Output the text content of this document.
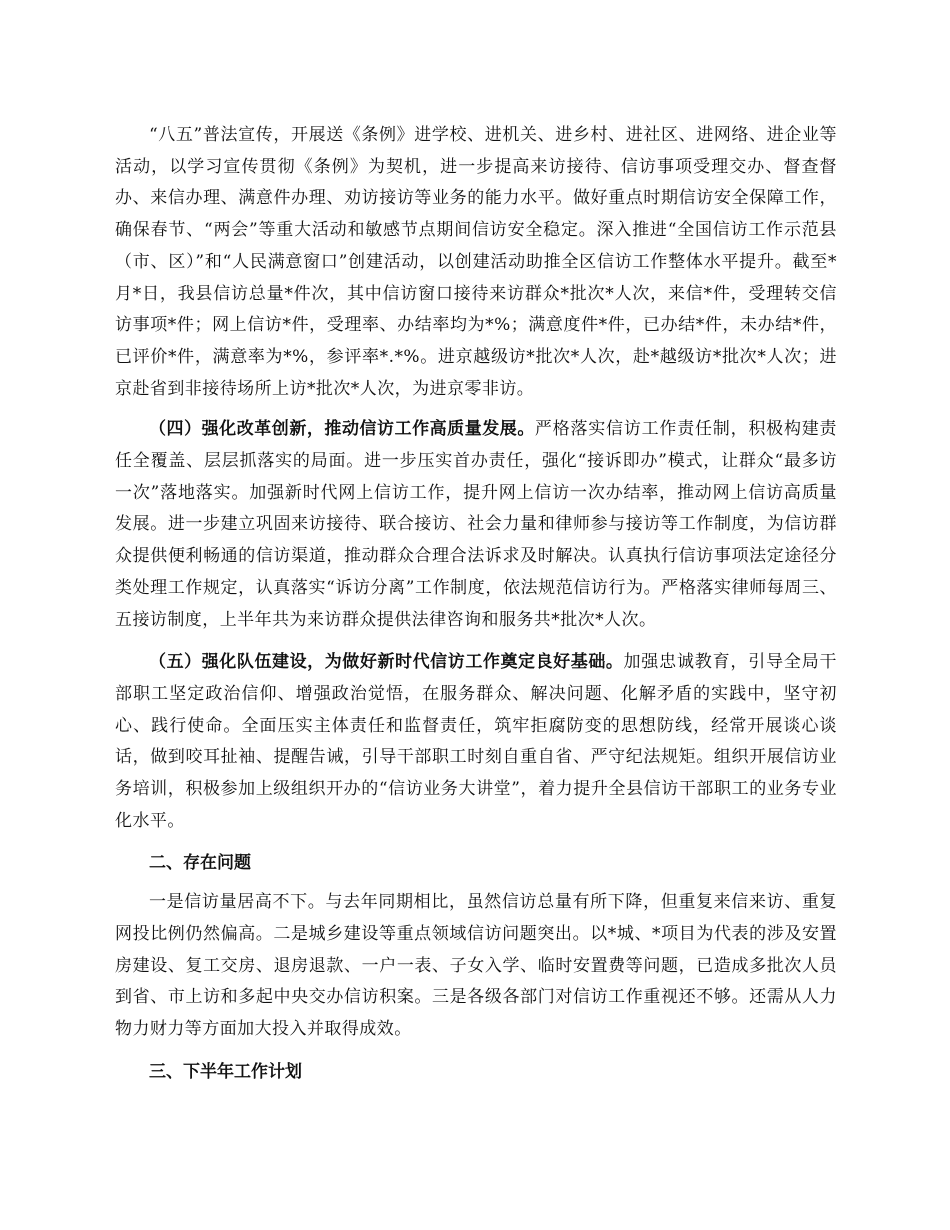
“八五”普法宣传，开展送《条例》进学校、进机关、进乡村、进社区、进网络、进企业等活动，以学习宣传贯彻《条例》为契机，进一步提高来访接待、信访事项受理交办、督查督办、来信办理、满意件办理、劝访接访等业务的能力水平。做好重点时期信访安全保障工作，确保春节、“两会”等重大活动和敏感节点期间信访安全稳定。深入推进“全国信访工作示范县（市、区）”和“人民满意窗口”创建活动，以创建活动助推全区信访工作整体水平提升。截至*月*日，我县信访总量*件次，其中信访窗口接待来访群众*批次*人次，来信*件，受理转交信访事项*件；网上信访*件，受理率、办结率均为*%；满意度件*件，已办结*件，未办结*件，已评价*件，满意率为*%，参评率*.*%。进京越级访*批次*人次，赴*越级访*批次*人次；进京赴省到非接待场所上访*批次*人次，为进京零非访。

（四）强化改革创新，推动信访工作高质量发展。严格落实信访工作责任制，积极构建责任全覆盖、层层抓落实的局面。进一步压实首办责任，强化“接诉即办”模式，让群众“最多访一次”落地落实。加强新时代网上信访工作，提升网上信访一次办结率，推动网上信访高质量发展。进一步建立巩固来访接待、联合接访、社会力量和律师参与接访等工作制度，为信访群众提供便利畅通的信访渠道，推动群众合理合法诉求及时解决。认真执行信访事项法定途径分类处理工作规定，认真落实“诉访分离”工作制度，依法规范信访行为。严格落实律师每周三、五接访制度，上半年共为来访群众提供法律咨询和服务共*批次*人次。

（五）强化队伍建设，为做好新时代信访工作奠定良好基础。加强忠诚教育，引导全局干部职工坚定政治信仰、增强政治觉悟，在服务群众、解决问题、化解矛盾的实践中，坚守初心、践行使命。全面压实主体责任和监督责任，筑牢拒腐防变的思想防线，经常开展谈心谈话，做到咬耳扯袖、提醒告诫，引导干部职工时刻自重自省、严守纪法规矩。组织开展信访业务培训，积极参加上级组织开办的“信访业务大讲堂”，着力提升全县信访干部职工的业务专业化水平。

二、存在问题

一是信访量居高不下。与去年同期相比，虽然信访总量有所下降，但重复来信来访、重复网投比例仍然偏高。二是城乡建设等重点领域信访问题突出。以*城、*项目为代表的涉及安置房建设、复工交房、退房退款、一户一表、子女入学、临时安置费等问题，已造成多批次人员到省、市上访和多起中央交办信访积案。三是各级各部门对信访工作重视还不够。还需从人力物力财力等方面加大投入并取得成效。

三、下半年工作计划
